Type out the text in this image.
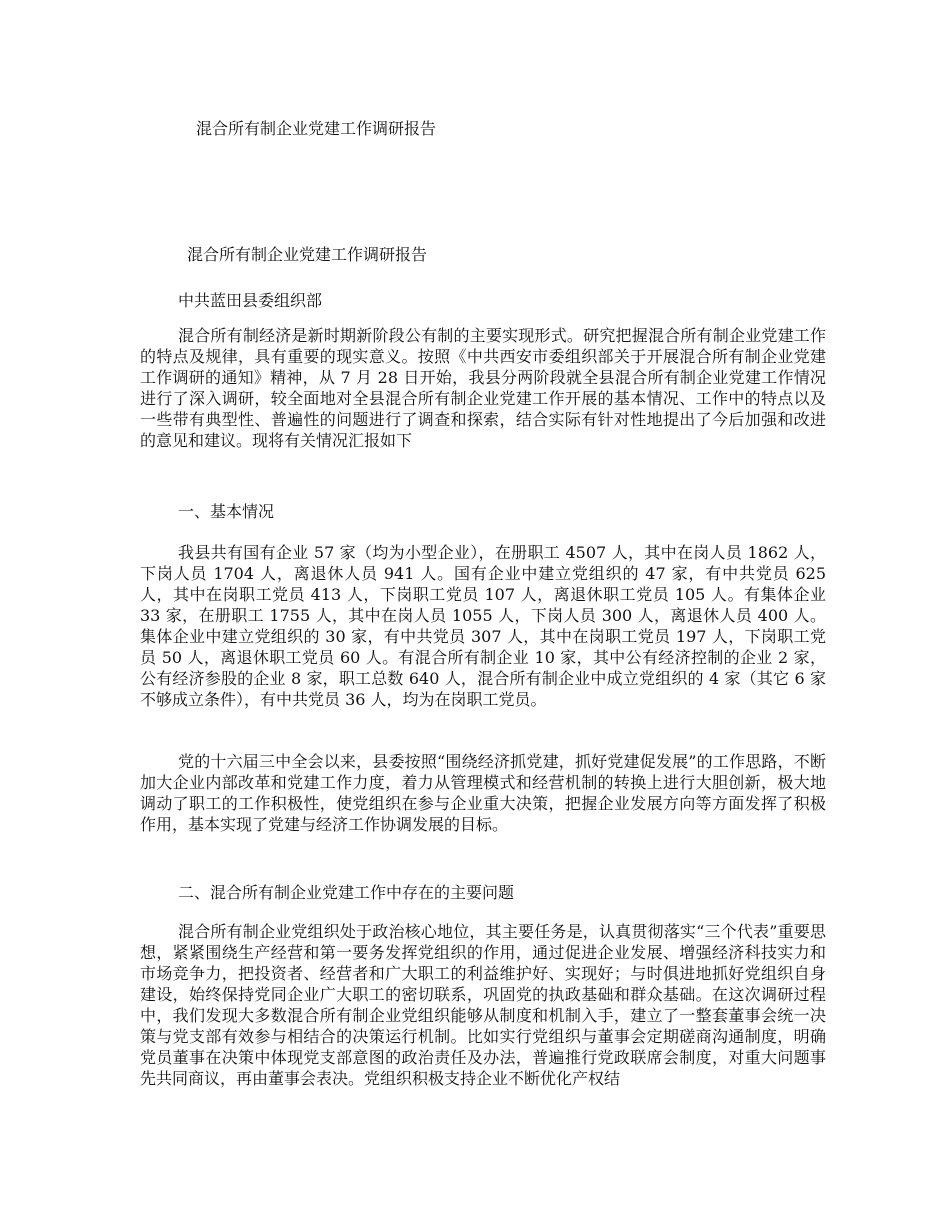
混合所有制企业党建工作调研报告
混合所有制企业党建工作调研报告
中共蓝田县委组织部

混合所有制经济是新时期新阶段公有制的主要实现形式。研究把握混合所有制企业党建工作的特点及规律，具有重要的现实意义。按照《中共西安市委组织部关于开展混合所有制企业党建工作调研的通知》精神，从 7 月 28 日开始，我县分两阶段就全县混合所有制企业党建工作情况进行了深入调研，较全面地对全县混合所有制企业党建工作开展的基本情况、工作中的特点以及一些带有典型性、普遍性的问题进行了调查和探索，结合实际有针对性地提出了今后加强和改进的意见和建议。现将有关情况汇报如下

一、基本情况

我县共有国有企业 57 家（均为小型企业），在册职工 4507 人，其中在岗人员 1862 人，下岗人员 1704 人，离退休人员 941 人。国有企业中建立党组织的 47 家，有中共党员 625 人，其中在岗职工党员 413 人，下岗职工党员 107 人，离退休职工党员 105 人。有集体企业 33 家，在册职工 1755 人，其中在岗人员 1055 人，下岗人员 300 人，离退休人员 400 人。集体企业中建立党组织的 30 家，有中共党员 307 人，其中在岗职工党员 197 人，下岗职工党员 50 人，离退休职工党员 60 人。有混合所有制企业 10 家，其中公有经济控制的企业 2 家，公有经济参股的企业 8 家，职工总数 640 人，混合所有制企业中成立党组织的 4 家（其它 6 家不够成立条件），有中共党员 36 人，均为在岗职工党员。

党的十六届三中全会以来，县委按照“围绕经济抓党建，抓好党建促发展”的工作思路，不断加大企业内部改革和党建工作力度，着力从管理模式和经营机制的转换上进行大胆创新，极大地调动了职工的工作积极性，使党组织在参与企业重大决策，把握企业发展方向等方面发挥了积极作用，基本实现了党建与经济工作协调发展的目标。

二、混合所有制企业党建工作中存在的主要问题

混合所有制企业党组织处于政治核心地位，其主要任务是，认真贯彻落实“三个代表”重要思想，紧紧围绕生产经营和第一要务发挥党组织的作用，通过促进企业发展、增强经济科技实力和市场竞争力，把投资者、经营者和广大职工的利益维护好、实现好；与时俱进地抓好党组织自身建设，始终保持党同企业广大职工的密切联系，巩固党的执政基础和群众基础。在这次调研过程中，我们发现大多数混合所有制企业党组织能够从制度和机制入手，建立了一整套董事会统一决策与党支部有效参与相结合的决策运行机制。比如实行党组织与董事会定期磋商沟通制度，明确党员董事在决策中体现党支部意图的政治责任及办法，普遍推行党政联席会制度，对重大问题事先共同商议，再由董事会表决。党组织积极支持企业不断优化产权结
